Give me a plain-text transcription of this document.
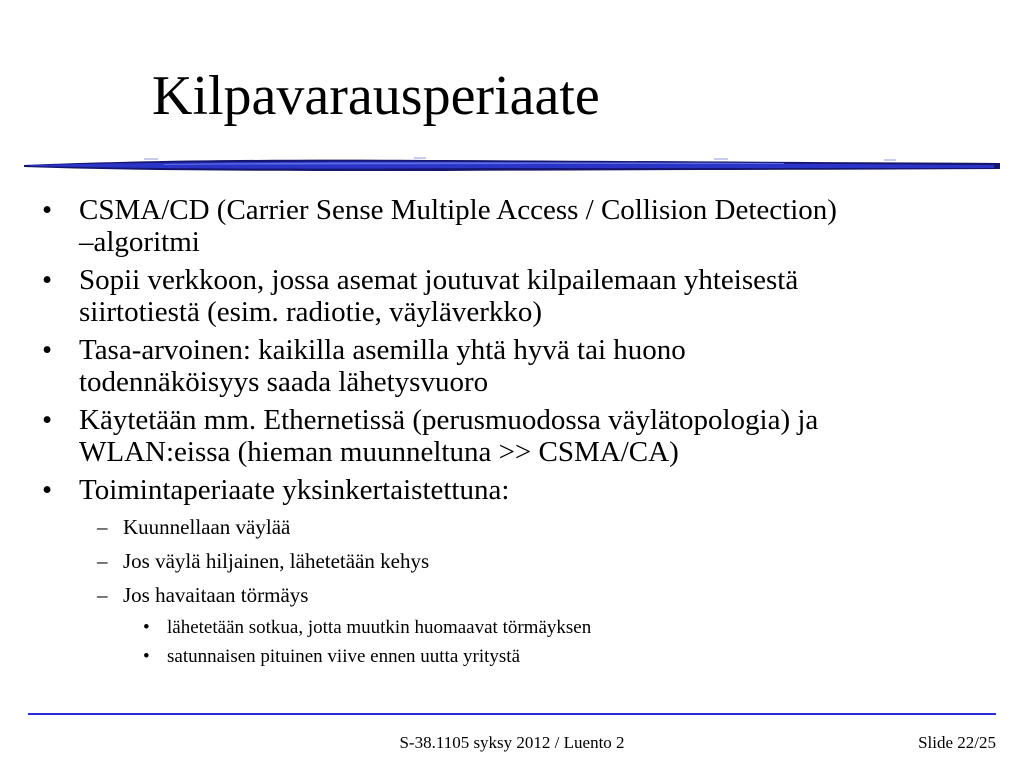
Kilpavarausperiaate
• CSMA/CD (Carrier Sense Multiple Access / Collision Detection)
–algoritmi
• Sopii verkkoon, jossa asemat joutuvat kilpailemaan yhteisestä
siirtotiestä (esim. radiotie, väyläverkko)
• Tasa-arvoinen: kaikilla asemilla yhtä hyvä tai huono
todennäköisyys saada lähetysvuoro
• Käytetään mm. Ethernetissä (perusmuodossa väylätopologia) ja
WLAN:eissa (hieman muunneltuna >> CSMA/CA)
• Toimintaperiaate yksinkertaistettuna:
– Kuunnellaan väylää
– Jos väylä hiljainen, lähetetään kehys
– Jos havaitaan törmäys
• lähetetään sotkua, jotta muutkin huomaavat törmäyksen
• satunnaisen pituinen viive ennen uutta yritystä
S-38.1105 syksy 2012 / Luento 2	Slide 22/25
